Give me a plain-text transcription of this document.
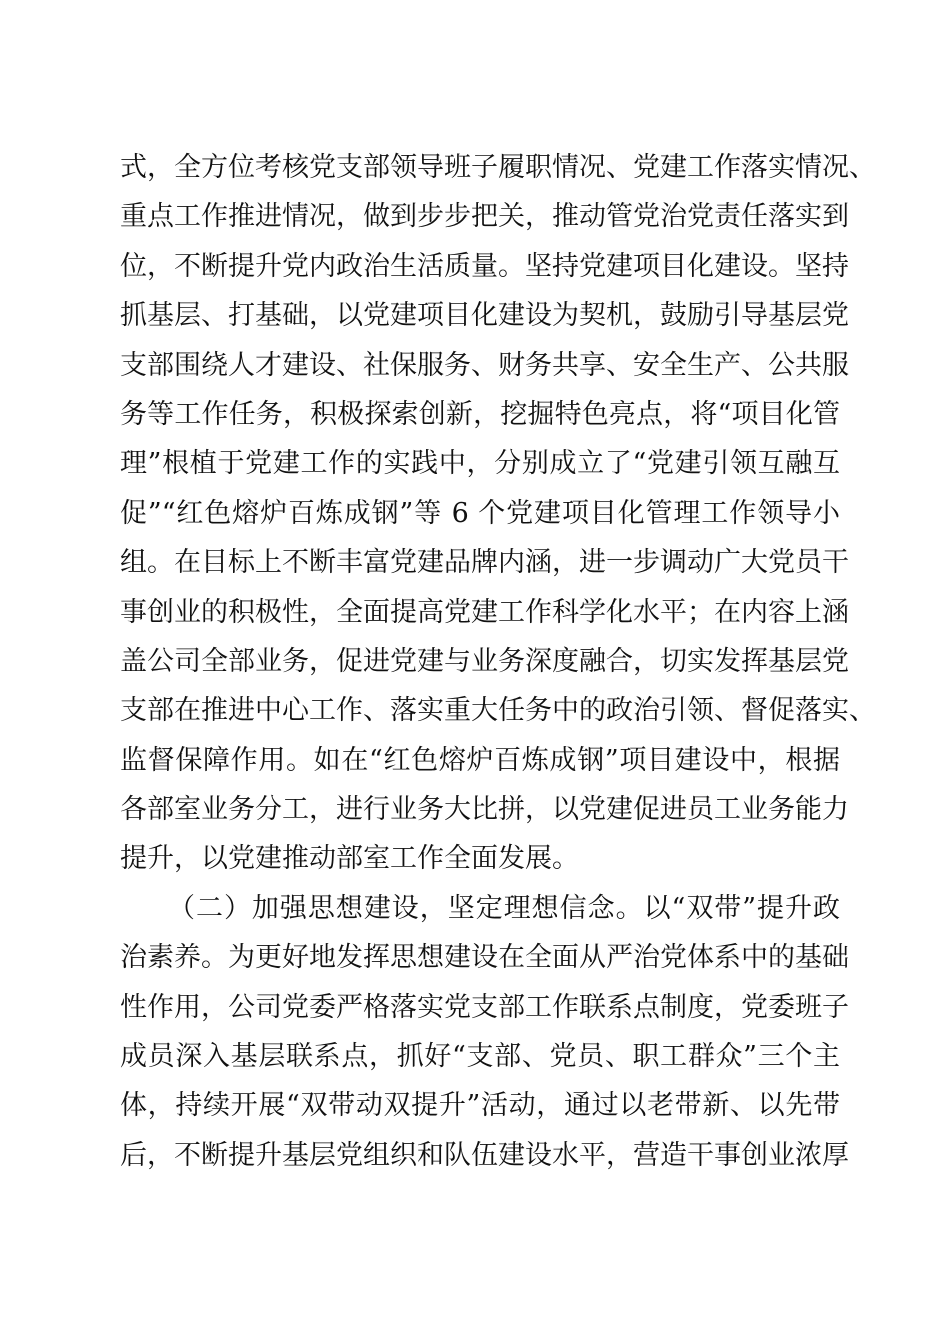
式，全方位考核党支部领导班子履职情况、党建工作落实情况、
重点工作推进情况，做到步步把关，推动管党治党责任落实到
位，不断提升党内政治生活质量。坚持党建项目化建设。坚持
抓基层、打基础，以党建项目化建设为契机，鼓励引导基层党
支部围绕人才建设、社保服务、财务共享、安全生产、公共服
务等工作任务，积极探索创新，挖掘特色亮点，将“项目化管
理”根植于党建工作的实践中，分别成立了“党建引领互融互
促”“红色熔炉百炼成钢”等 6 个党建项目化管理工作领导小
组。在目标上不断丰富党建品牌内涵，进一步调动广大党员干
事创业的积极性，全面提高党建工作科学化水平；在内容上涵
盖公司全部业务，促进党建与业务深度融合，切实发挥基层党
支部在推进中心工作、落实重大任务中的政治引领、督促落实、
监督保障作用。如在“红色熔炉百炼成钢”项目建设中，根据
各部室业务分工，进行业务大比拼，以党建促进员工业务能力
提升，以党建推动部室工作全面发展。
（二）加强思想建设，坚定理想信念。以“双带”提升政
治素养。为更好地发挥思想建设在全面从严治党体系中的基础
性作用，公司党委严格落实党支部工作联系点制度，党委班子
成员深入基层联系点，抓好“支部、党员、职工群众”三个主
体，持续开展“双带动双提升”活动，通过以老带新、以先带
后，不断提升基层党组织和队伍建设水平，营造干事创业浓厚
